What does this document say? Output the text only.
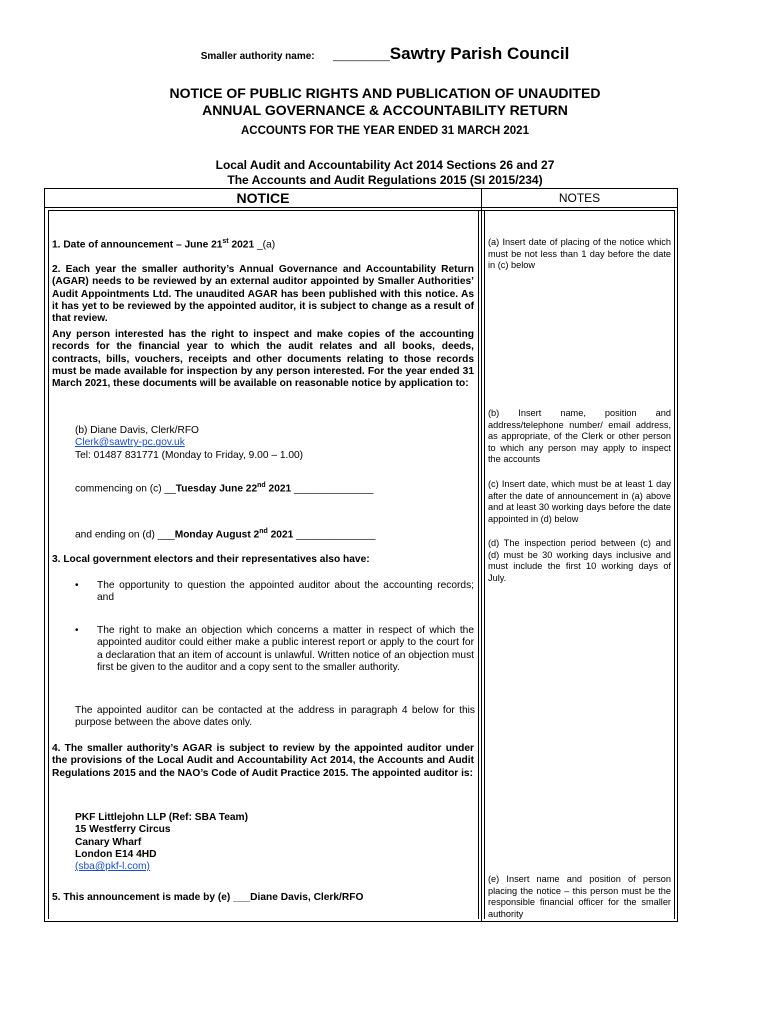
Smaller authority name: ______Sawtry Parish Council
NOTICE OF PUBLIC RIGHTS AND PUBLICATION OF UNAUDITED
ANNUAL GOVERNANCE & ACCOUNTABILITY RETURN
ACCOUNTS FOR THE YEAR ENDED 31 MARCH 2021
Local Audit and Accountability Act 2014 Sections 26 and 27
The Accounts and Audit Regulations 2015 (SI 2015/234)
NOTICE	NOTES
1. Date of announcement – June 21st 2021 _(a)
2. Each year the smaller authority’s Annual Governance and Accountability Return (AGAR) needs to be reviewed by an external auditor appointed by Smaller Authorities’ Audit Appointments Ltd. The unaudited AGAR has been published with this notice. As it has yet to be reviewed by the appointed auditor, it is subject to change as a result of that review.
Any person interested has the right to inspect and make copies of the accounting records for the financial year to which the audit relates and all books, deeds, contracts, bills, vouchers, receipts and other documents relating to those records must be made available for inspection by any person interested. For the year ended 31 March 2021, these documents will be available on reasonable notice by application to:
(b) Diane Davis, Clerk/RFO
Clerk@sawtry-pc.gov.uk
Tel: 01487 831771 (Monday to Friday, 9.00 – 1.00)
commencing on (c) __Tuesday June 22nd 2021 ______________
and ending on (d) ___Monday August 2nd 2021 ______________
3. Local government electors and their representatives also have:
• The opportunity to question the appointed auditor about the accounting records; and
• The right to make an objection which concerns a matter in respect of which the appointed auditor could either make a public interest report or apply to the court for a declaration that an item of account is unlawful. Written notice of an objection must first be given to the auditor and a copy sent to the smaller authority.
The appointed auditor can be contacted at the address in paragraph 4 below for this purpose between the above dates only.
4. The smaller authority’s AGAR is subject to review by the appointed auditor under the provisions of the Local Audit and Accountability Act 2014, the Accounts and Audit Regulations 2015 and the NAO’s Code of Audit Practice 2015. The appointed auditor is:
PKF Littlejohn LLP (Ref: SBA Team)
15 Westferry Circus
Canary Wharf
London E14 4HD
(sba@pkf-l.com)
5. This announcement is made by (e) ___Diane Davis, Clerk/RFO
(a) Insert date of placing of the notice which must be not less than 1 day before the date in (c) below
(b) Insert name, position and address/telephone number/ email address, as appropriate, of the Clerk or other person to which any person may apply to inspect the accounts
(c) Insert date, which must be at least 1 day after the date of announcement in (a) above and at least 30 working days before the date appointed in (d) below
(d) The inspection period between (c) and (d) must be 30 working days inclusive and must include the first 10 working days of July.
(e) Insert name and position of person placing the notice – this person must be the responsible financial officer for the smaller authority
